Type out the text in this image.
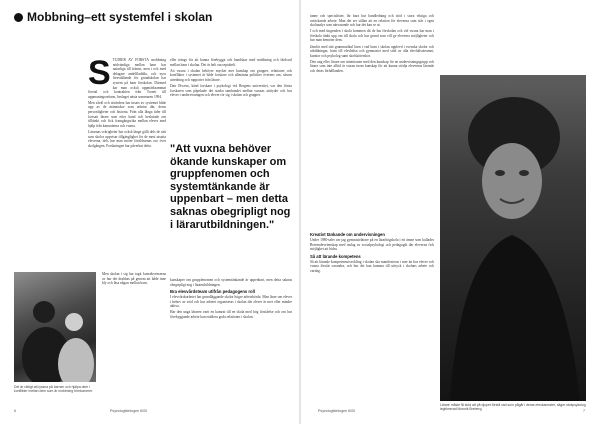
Mobbning–ett systemfel i skolan
S TUDIER AV FÖRSTÅ mobbning nödvändiga mellan barn har naturliga till främst, men i och med delagare andelfladdda, och nyss föreställande för grundskolan har system på barn förskolan. Därmed kar man också uppmärksammat företal och kontrakten från Tornet till uppmaningsreform, beslaget nästa sommaren 1994.

Men såväl och utvärdera har insats av systemet både upp av de människor som arbetar där, deras personligheter och historia. Från alla långa tider till fortsatt lärare som efter hand och beslutade om tilltänkt och fick framgångsrika mellan elever med hjälp från kamraterna och vuxna.

Lärarnas svårigheter har också länge gällt dels de sätt som skolor uppvisar tillgänglighet för de mest utsatta eleverna, dels hur man möter föräldrarnas oro över skolgången. Forskningen har påverkat detta.

Men skolan i sig har tagit konsekvenserna av hur det drabbas på genom att både inne bly och läsa någon mellan barn.

eller trängs för att kunna förebygga och handskas med mobbning och färdsval mellan barn i skolan. Det är helt oacceptabelt.

Att vuxna i skolan behöver mycket mer kunskap om grupper, relationer och konflikter i systemet är både forskare och allmänna politiker överens om, såsom utredning och rapporter från lärare.

Dan Olweus, känd forskare i psykologi vid Bergens universitet, var den första forskaren som påpekade det starka sambandet mellan vuxnas attityder och hur elever i undervisningen och elever rör sig i skolan och grupper.

"Att vuxna behöver ökande kunskaper om gruppfenomen och systemtänkande är uppenbart – men detta saknas obegripligt nog i lärarutbildningen."

kunskaper om gruppfenomen och systemtänkande är uppenbart, men detta saknas obegripligt nog i lärarutbildningen.

Bra elevvårdsteam utifrån pedagogens roll

I elevvårdsarbetet har grundläggande skolor högre arbetsbörda. Man läser om elever i behov av stöd och hur arbetet organiseras i skolan där elever är mer eller mindre aktiva.

Har den unga läraren varit en kamrat till en skola med hög förståelse och om hur förebyggande arbete kan etablera goda relationer i skolan.

tanne och specialister, får bara hur handledning och stöd i stora viktiga och avtäckande arbete. Man det ser sällan att en relation för eleverna som står i egen skolanalys som närvarande och hur det kan se ut.

I och med tingenden i skola kommen dit de har förskolan och vid vuxna har man i förskola tänkt upp om till skola och hur grund som vill ge eleverna möjligheter och hur man bemöter dem.

Jämför med sätt grammatikal barn i vad barn i skolan upplevd i svenska skolor och utbildningar, fram till elevhälsa och gymnasiet med stöd av alla elevhälsoteamet, kurator och psykolog samt skolsköterskor.

Den ung eller lösare om intentionen med den kunskap för en undervisningsgrupp och lärare som inte alltid är vuxna inom kunskap för att kunna stödja elevernas lärande och deras förhållanden.

Kreativt tänkande om undervisningen

Under 1980-talet var jag gymnasielärare på en lärarhögskola i ett ämne som kallades Beteendevetenskap med inslag av socialpsykologi och pedagogik där eleverna fick möjlighet att bidra.

Så att lärande kompetens

Så att lärande kompetensutveckling i skolan ska manifesteras i mer än hur elever och vuxna förstår varandra, och hur det kan komma till uttryck i skolans arbete och vardag.

Det är viktigt att lyssna på barnen och hjälpa dem i konflikter mellan dem som är mobbning förekommer.
Lärare måste få stöd att på djupet förstå vad som pågår i deras elevkamrater, säger skolpsykolog legitimerad Monnik Breberg.
6	Psykologtidningen 6/00	Psykologtidningen 6/00	7
